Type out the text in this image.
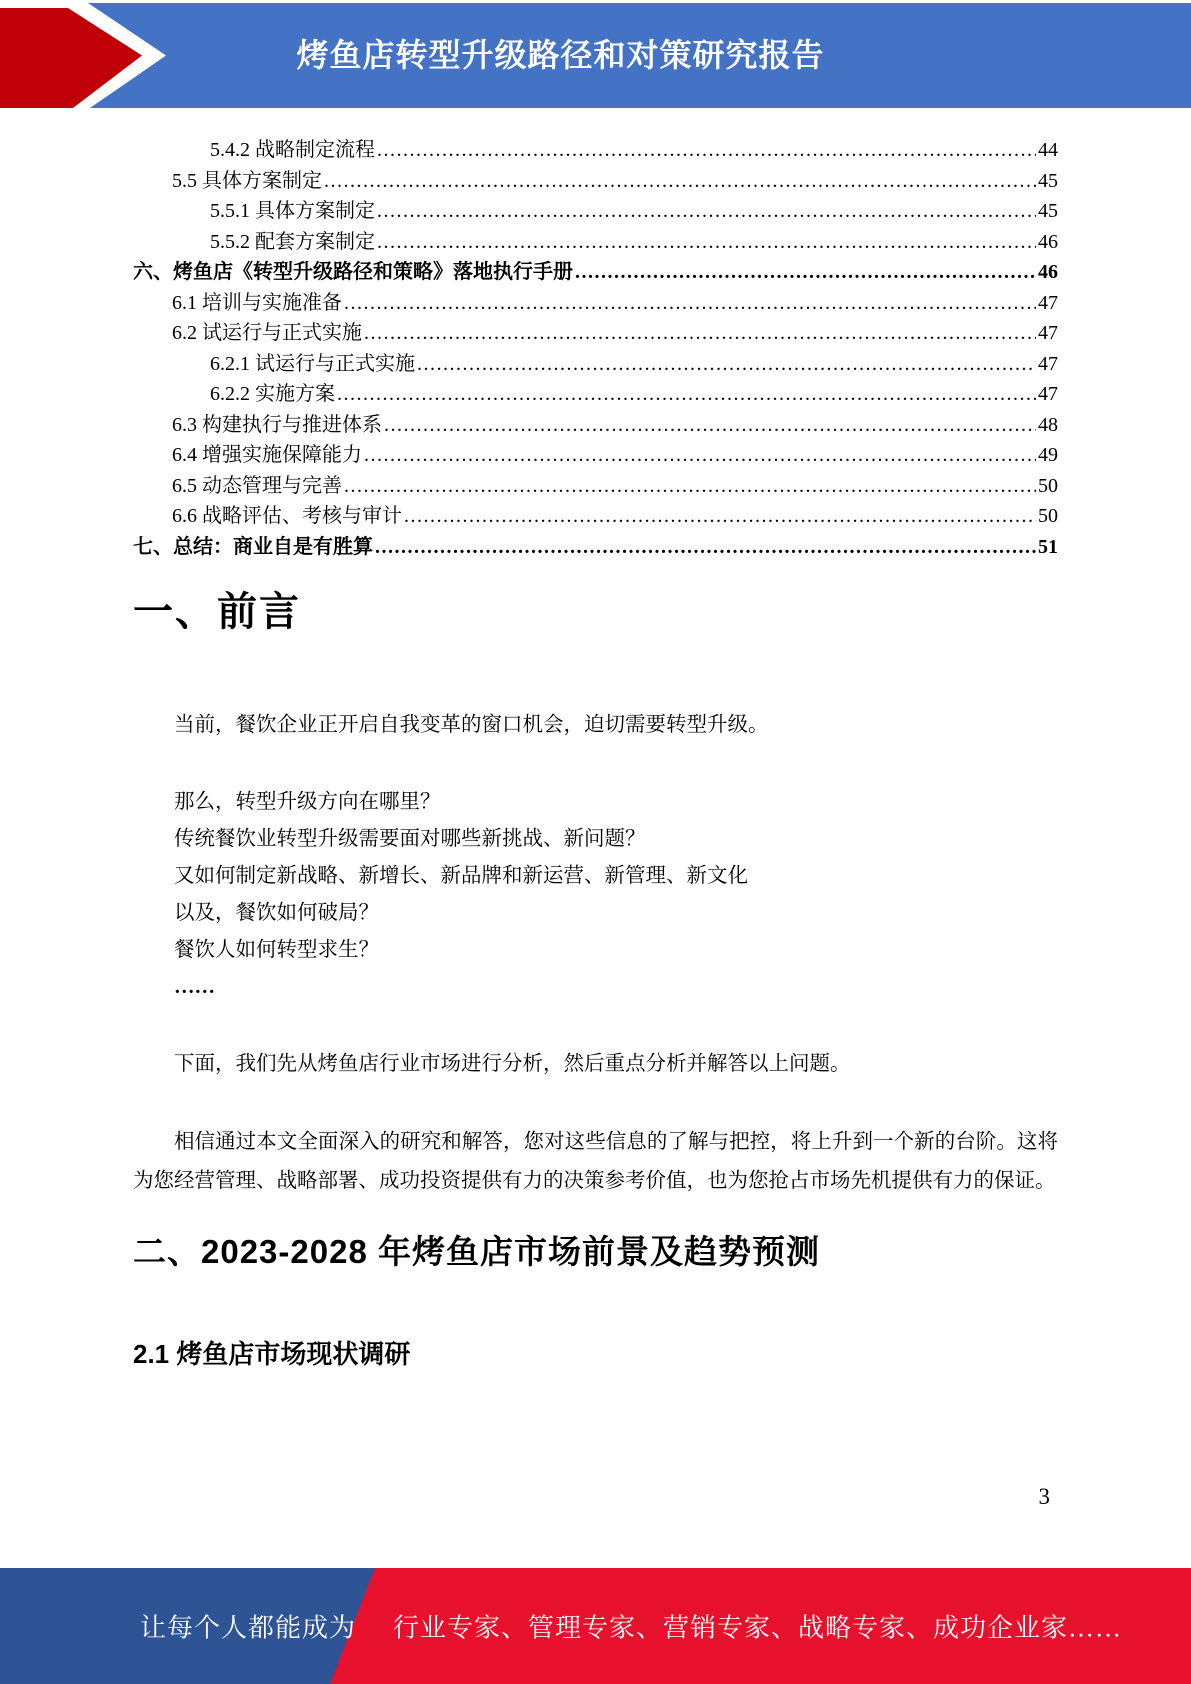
烤鱼店转型升级路径和对策研究报告
5.4.2 战略制定流程 .....	44
5.5 具体方案制定 .....	45
5.5.1 具体方案制定 .....	45
5.5.2 配套方案制定 .....	46
六、烤鱼店《转型升级路径和策略》落地执行手册 .....	46
6.1 培训与实施准备 .....	47
6.2 试运行与正式实施 .....	47
6.2.1 试运行与正式实施 .....	47
6.2.2 实施方案 .....	47
6.3 构建执行与推进体系 .....	48
6.4 增强实施保障能力 .....	49
6.5 动态管理与完善 .....	50
6.6 战略评估、考核与审计 .....	50
七、总结：商业自是有胜算 .....	51
一、前言

当前，餐饮企业正开启自我变革的窗口机会，迫切需要转型升级。

那么，转型升级方向在哪里？

传统餐饮业转型升级需要面对哪些新挑战、新问题？

又如何制定新战略、新增长、新品牌和新运营、新管理、新文化

以及，餐饮如何破局？

餐饮人如何转型求生？

……

下面，我们先从烤鱼店行业市场进行分析，然后重点分析并解答以上问题。

相信通过本文全面深入的研究和解答，您对这些信息的了解与把控，将上升到一个新的台阶。这将为您经营管理、战略部署、成功投资提供有力的决策参考价值，也为您抢占市场先机提供有力的保证。

二、2023-2028 年烤鱼店市场前景及趋势预测
2.1 烤鱼店市场现状调研
3
让每个人都能成为 行业专家、管理专家、营销专家、战略专家、成功企业家……
